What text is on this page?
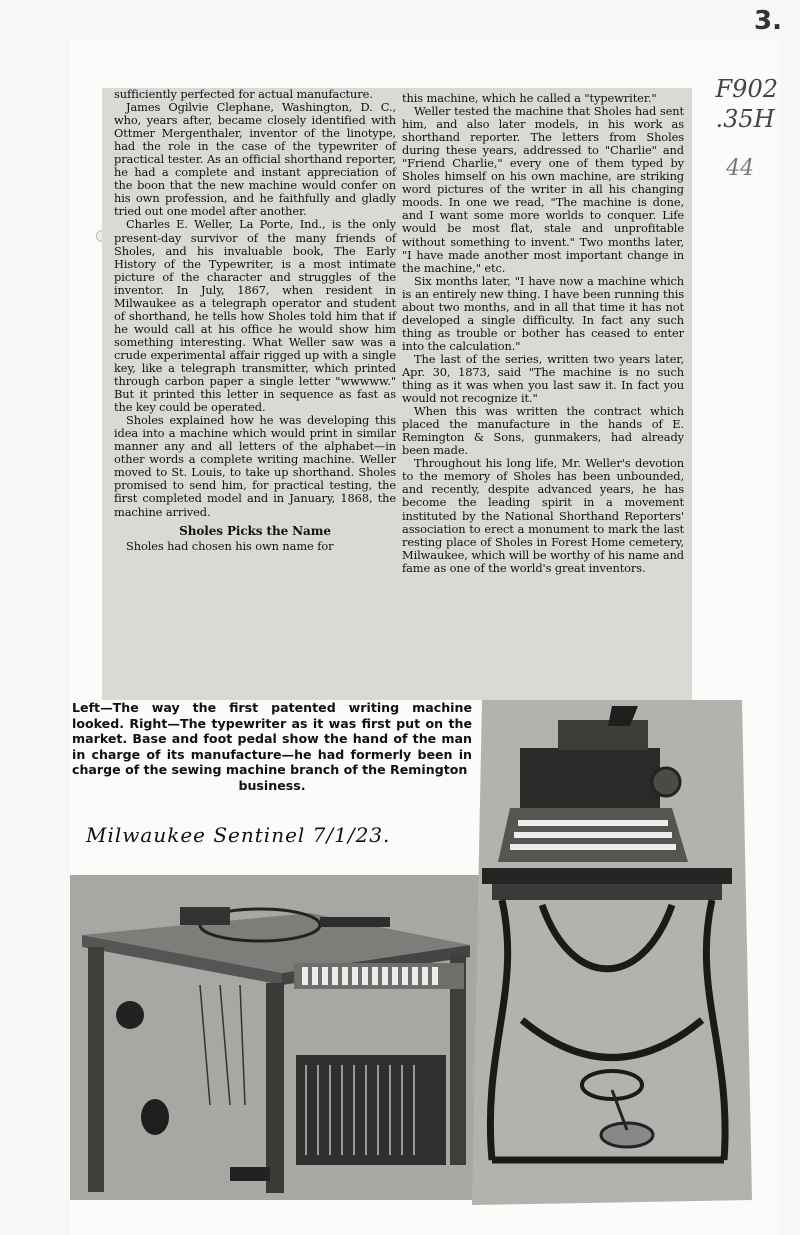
3.
F902
.35H
44

sufficiently perfected for actual manufacture.

James Ogilvie Clephane, Washington, D. C., who, years after, became closely identified with Ottmer Mergenthaler, inventor of the linotype, had the role in the case of the typewriter of practical tester. As an official shorthand reporter, he had a complete and instant appreciation of the boon that the new machine would confer on his own profession, and he faithfully and gladly tried out one model after another.

Charles E. Weller, La Porte, Ind., is the only present-day survivor of the many friends of Sholes, and his invaluable book, The Early History of the Typewriter, is a most intimate picture of the character and struggles of the inventor. In July, 1867, when resident in Milwaukee as a telegraph operator and student of shorthand, he tells how Sholes told him that if he would call at his office he would show him something interesting. What Weller saw was a crude experimental affair rigged up with a single key, like a telegraph transmitter, which printed through carbon paper a single letter "wwwww." But it printed this letter in sequence as fast as the key could be operated.

Sholes explained how he was developing this idea into a machine which would print in similar manner any and all letters of the alphabet—in other words a complete writing machine. Weller moved to St. Louis, to take up shorthand. Sholes promised to send him, for practical testing, the first completed model and in January, 1868, the machine arrived.

Sholes Picks the Name

Sholes had chosen his own name for

this machine, which he called a "typewriter."

Weller tested the machine that Sholes had sent him, and also later models, in his work as shorthand reporter. The letters from Sholes during these years, addressed to "Charlie" and "Friend Charlie," every one of them typed by Sholes himself on his own machine, are striking word pictures of the writer in all his changing moods. In one we read, "The machine is done, and I want some more worlds to conquer. Life would be most flat, stale and unprofitable without something to invent." Two months later, "I have made another most important change in the machine," etc.

Six months later, "I have now a machine which is an entirely new thing. I have been running this about two months, and in all that time it has not developed a single difficulty. In fact any such thing as trouble or bother has ceased to enter into the calculation."

The last of the series, written two years later, Apr. 30, 1873, said "The machine is no such thing as it was when you last saw it. In fact you would not recognize it."

When this was written the contract which placed the manufacture in the hands of E. Remington & Sons, gunmakers, had already been made.

Throughout his long life, Mr. Weller's devotion to the memory of Sholes has been unbounded, and recently, despite advanced years, he has become the leading spirit in a movement instituted by the National Shorthand Reporters' association to erect a monument to mark the last resting place of Sholes in Forest Home cemetery, Milwaukee, which will be worthy of his name and fame as one of the world's great inventors.

Left—The way the first patented writing machine looked. Right—The typewriter as it was first put on the market. Base and foot pedal show the hand of the man in charge of its manufacture—he had formerly been in charge of the sewing machine branch of the Remington
business.
Milwaukee Sentinel 7/1/23.
